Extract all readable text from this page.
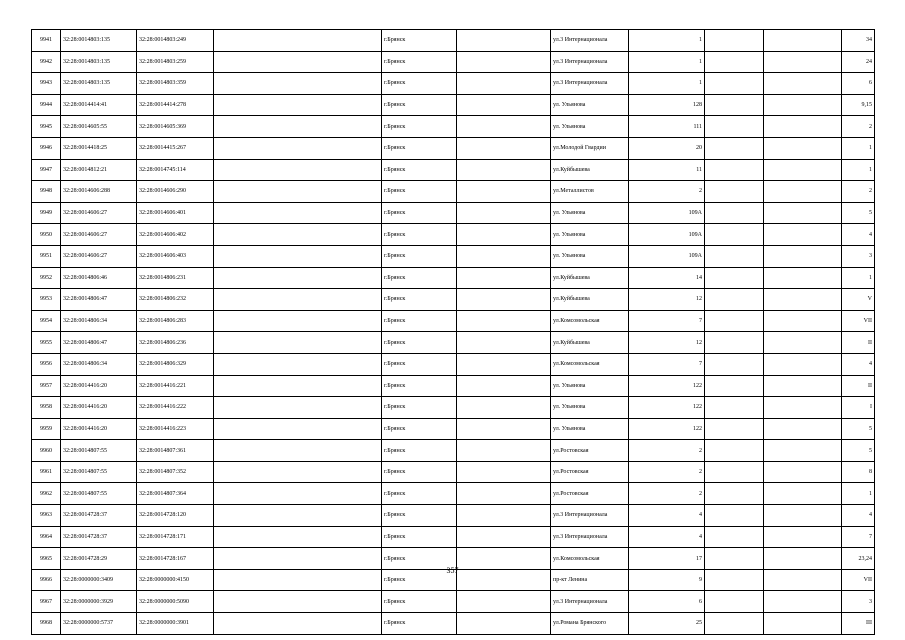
9941	32:28:0014803:135	32:28:0014803:249		г.Брянск		ул.3 Интернационала	1			34
9942	32:28:0014803:135	32:28:0014803:259		г.Брянск		ул.3 Интернационала	1			24
9943	32:28:0014803:135	32:28:0014803:359		г.Брянск		ул.3 Интернационала	1			6
9944	32:28:0014414:41	32:28:0014414:278		г.Брянск		ул. Ульянова	128			9,15
9945	32:28:0014605:55	32:28:0014605:369		г.Брянск		ул. Ульянова	111			2
9946	32:28:0014418:25	32:28:0014415:267		г.Брянск		ул.Молодой Гвардии	20			1
9947	32:28:0014812:21	32:28:0014745:114		г.Брянск		ул.Куйбышева	11			1
9948	32:28:0014606:288	32:28:0014606:290		г.Брянск		ул.Металлистов	2			2
9949	32:28:0014606:27	32:28:0014606:401		г.Брянск		ул. Ульянова	109А			5
9950	32:28:0014606:27	32:28:0014606:402		г.Брянск		ул. Ульянова	109А			4
9951	32:28:0014606:27	32:28:0014606:403		г.Брянск		ул. Ульянова	109А			3
9952	32:28:0014806:46	32:28:0014806:231		г.Брянск		ул.Куйбышева	14			1
9953	32:28:0014806:47	32:28:0014806:232		г.Брянск		ул.Куйбышева	12			V
9954	32:28:0014806:34	32:28:0014806:283		г.Брянск		ул.Комсомольская	7			VII
9955	32:28:0014806:47	32:28:0014806:236		г.Брянск		ул.Куйбышева	12			II
9956	32:28:0014806:34	32:28:0014806:329		г.Брянск		ул.Комсомольская	7			4
9957	32:28:0014416:20	32:28:0014416:221		г.Брянск		ул. Ульянова	122			II
9958	32:28:0014416:20	32:28:0014416:222		г.Брянск		ул. Ульянова	122			I
9959	32:28:0014416:20	32:28:0014416:223		г.Брянск		ул. Ульянова	122			5
9960	32:28:0014807:55	32:28:0014807:361		г.Брянск		ул.Ростовская	2			5
9961	32:28:0014807:55	32:28:0014807:352		г.Брянск		ул.Ростовская	2			8
9962	32:28:0014807:55	32:28:0014807:364		г.Брянск		ул.Ростовская	2			1
9963	32:28:0014728:37	32:28:0014728:120		г.Брянск		ул.3 Интернационала	4			4
9964	32:28:0014728:37	32:28:0014728:171		г.Брянск		ул.3 Интернационала	4			7
9965	32:28:0014728:29	32:28:0014728:167		г.Брянск		ул.Комсомольская	17			23,24
9966	32:28:0000000:3409	32:28:0000000:4150		г.Брянск		пр-кт Ленина	9			VII
9967	32:28:0000000:3929	32:28:0000000:5090		г.Брянск		ул.3 Интернационала	6			3
9968	32:28:0000000:5737	32:28:0000000:3901		г.Брянск		ул.Романа Брянского	25			III
357
